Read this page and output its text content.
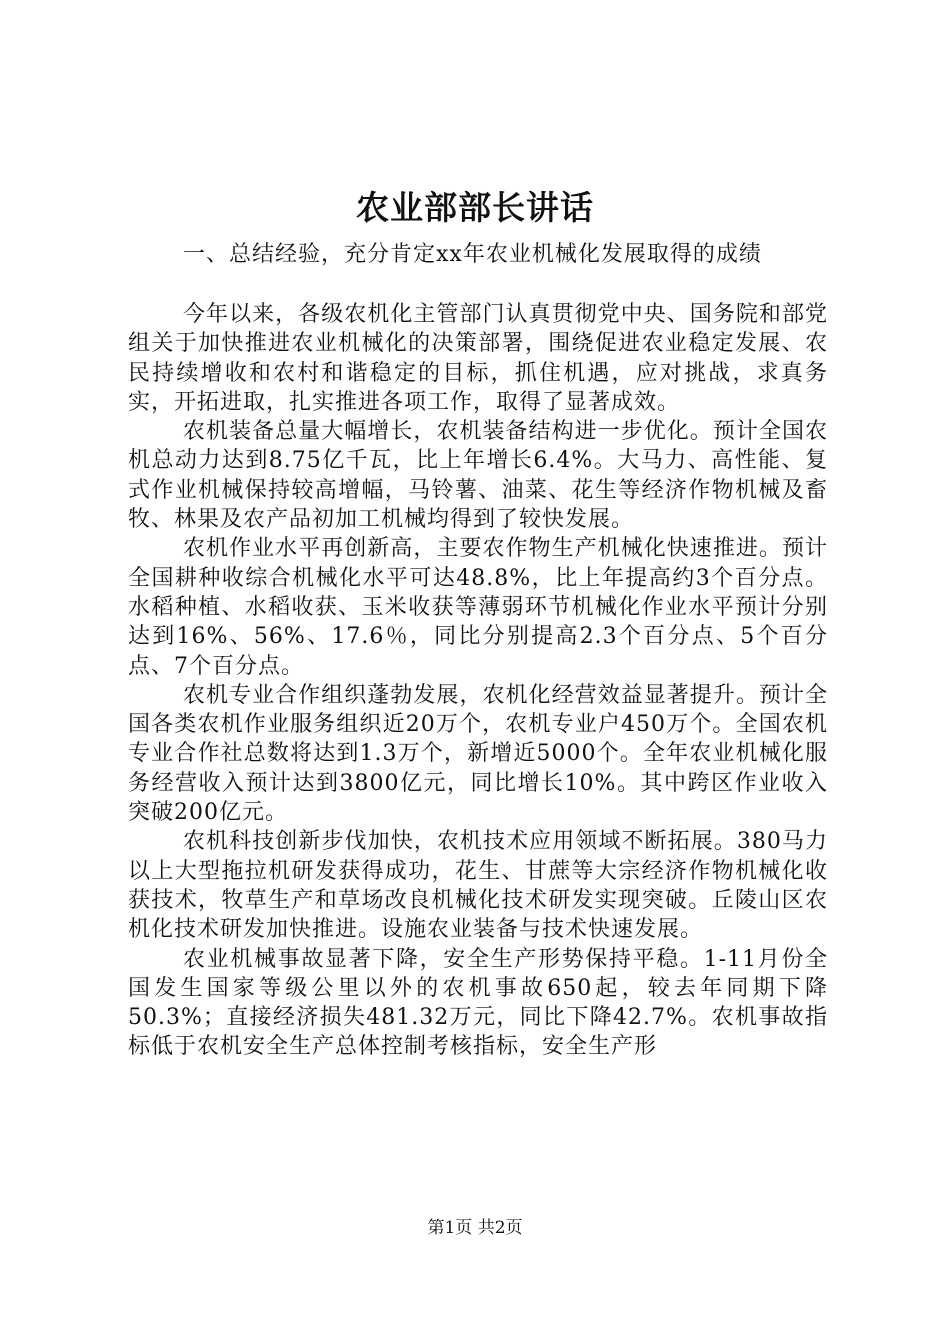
农业部部长讲话
一、总结经验，充分肯定xx年农业机械化发展取得的成绩

今年以来，各级农机化主管部门认真贯彻党中央、国务院和部党组关于加快推进农业机械化的决策部署，围绕促进农业稳定发展、农民持续增收和农村和谐稳定的目标，抓住机遇，应对挑战，求真务实，开拓进取，扎实推进各项工作，取得了显著成效。

农机装备总量大幅增长，农机装备结构进一步优化。预计全国农机总动力达到8.75亿千瓦，比上年增长6.4%。大马力、高性能、复式作业机械保持较高增幅，马铃薯、油菜、花生等经济作物机械及畜牧、林果及农产品初加工机械均得到了较快发展。

农机作业水平再创新高，主要农作物生产机械化快速推进。预计全国耕种收综合机械化水平可达48.8%，比上年提高约3个百分点。水稻种植、水稻收获、玉米收获等薄弱环节机械化作业水平预计分别达到16%、56%、17.6％，同比分别提高2.3个百分点、5个百分点、7个百分点。

农机专业合作组织蓬勃发展，农机化经营效益显著提升。预计全国各类农机作业服务组织近20万个，农机专业户450万个。全国农机专业合作社总数将达到1.3万个，新增近5000个。全年农业机械化服务经营收入预计达到3800亿元，同比增长10%。其中跨区作业收入突破200亿元。

农机科技创新步伐加快，农机技术应用领域不断拓展。380马力以上大型拖拉机研发获得成功，花生、甘蔗等大宗经济作物机械化收获技术，牧草生产和草场改良机械化技术研发实现突破。丘陵山区农机化技术研发加快推进。设施农业装备与技术快速发展。

农业机械事故显著下降，安全生产形势保持平稳。1-11月份全国发生国家等级公里以外的农机事故650起，较去年同期下降50.3%；直接经济损失481.32万元，同比下降42.7%。农机事故指标低于农机安全生产总体控制考核指标，安全生产形

第1页 共2页
